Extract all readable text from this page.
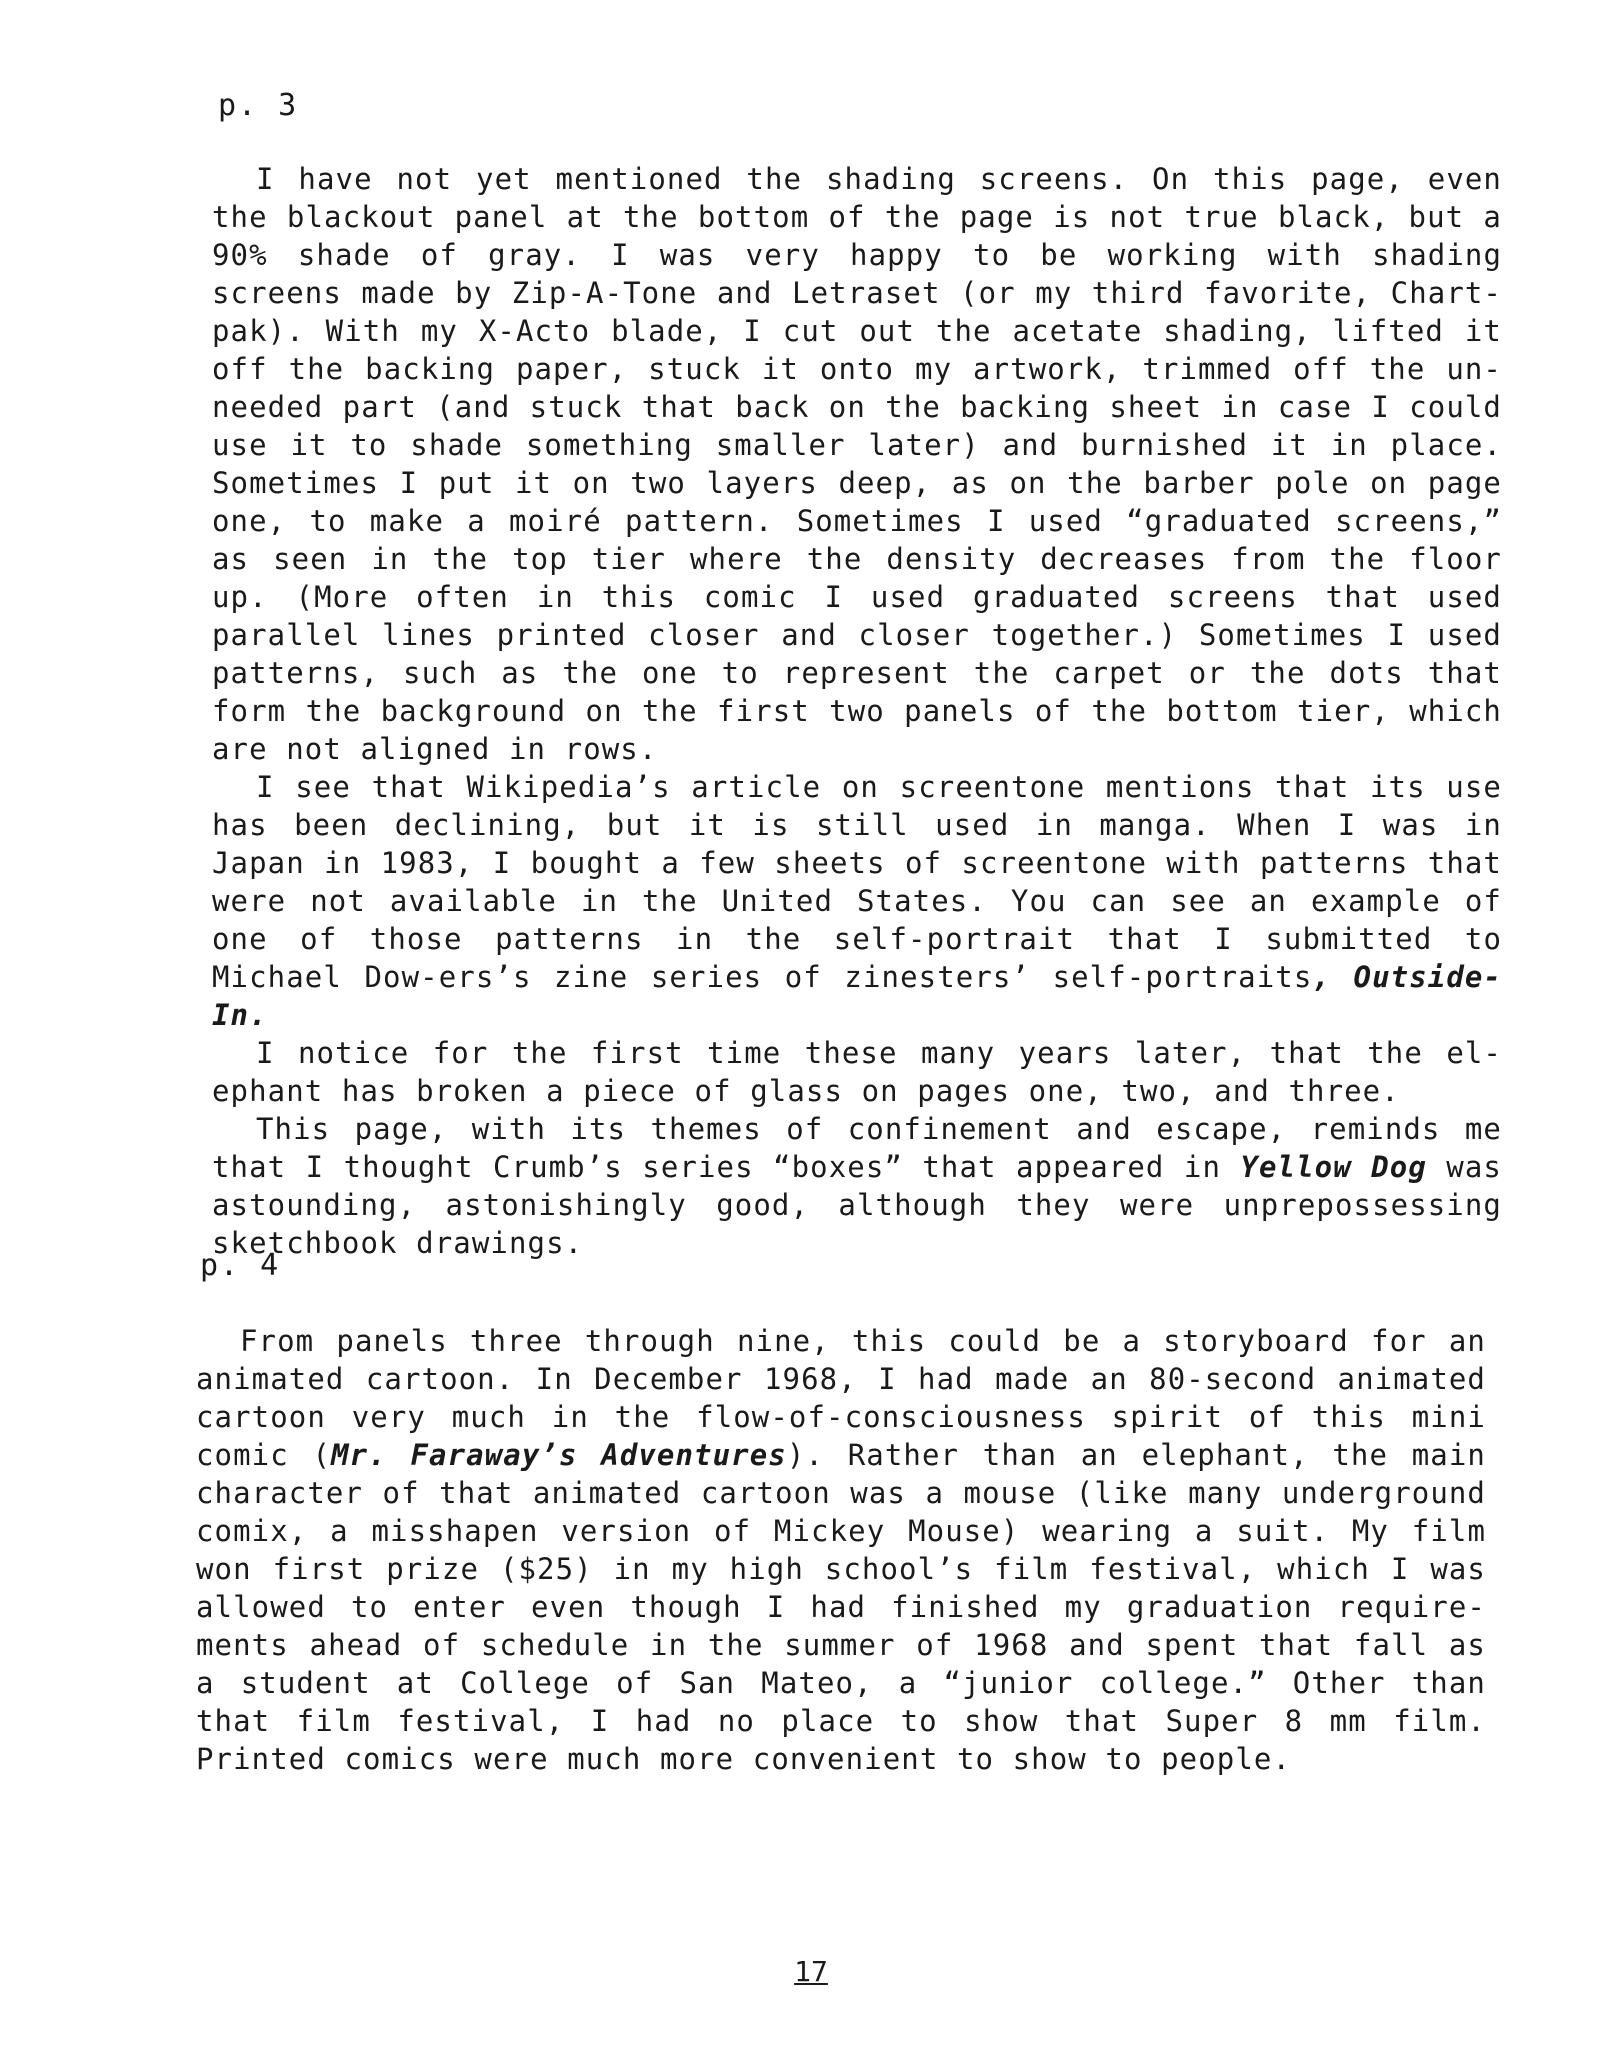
p. 3

I have not yet mentioned the shading screens. On this page, even the blackout panel at the bottom of the page is not true black, but a 90% shade of gray. I was very happy to be working with shading screens made by Zip-A-Tone and Letraset (or my third favorite, Chart-pak). With my X-Acto blade, I cut out the acetate shading, lifted it off the backing paper, stuck it onto my artwork, trimmed off the un-needed part (and stuck that back on the backing sheet in case I could use it to shade something smaller later) and burnished it in place. Sometimes I put it on two layers deep, as on the barber pole on page one, to make a moiré pattern. Sometimes I used “graduated screens,” as seen in the top tier where the density decreases from the floor up. (More often in this comic I used graduated screens that used parallel lines printed closer and closer together.) Sometimes I used patterns, such as the one to represent the carpet or the dots that form the background on the first two panels of the bottom tier, which are not aligned in rows.

I see that Wikipedia’s article on screentone mentions that its use has been declining, but it is still used in manga. When I was in Japan in 1983, I bought a few sheets of screentone with patterns that were not available in the United States. You can see an example of one of those patterns in the self-portrait that I submitted to Michael Dow-ers’s zine series of zinesters’ self-portraits, Outside-In.

I notice for the first time these many years later, that the el-ephant has broken a piece of glass on pages one, two, and three.

This page, with its themes of confinement and escape, reminds me that I thought Crumb’s series “boxes” that appeared in Yellow Dog was astounding, astonishingly good, although they were unprepossessing sketchbook drawings.

p. 4

From panels three through nine, this could be a storyboard for an animated cartoon. In December 1968, I had made an 80-second animated cartoon very much in the flow-of-consciousness spirit of this mini comic (Mr. Faraway’s Adventures). Rather than an elephant, the main character of that animated cartoon was a mouse (like many underground comix, a misshapen version of Mickey Mouse) wearing a suit. My film won first prize ($25) in my high school’s film festival, which I was allowed to enter even though I had finished my graduation require-ments ahead of schedule in the summer of 1968 and spent that fall as a student at College of San Mateo, a “junior college.” Other than that film festival, I had no place to show that Super 8 mm film. Printed comics were much more convenient to show to people.

17
